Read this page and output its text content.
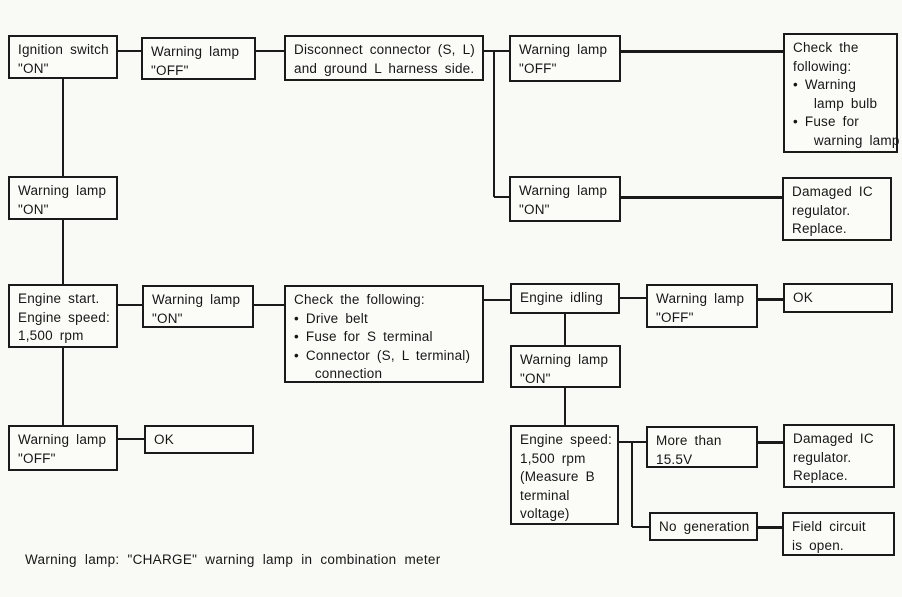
Warning lamp: "CHARGE" warning lamp in combination meter
Ignition switch
"ON"
Warning lamp
"OFF"
Disconnect connector (S, L)
and ground L harness side.
Warning lamp
"OFF"
Check the
following:
• Warning
lamp bulb
• Fuse for
warning lamp
Warning lamp
"ON"
Damaged IC
regulator.
Replace.
Warning lamp
"ON"
Engine start.
Engine speed:
1,500 rpm
Warning lamp
"ON"
Check the following:
• Drive belt
• Fuse for S terminal
• Connector (S, L terminal)
connection
Engine idling	Warning lamp
"OFF"
OK
Warning lamp
"ON"
Engine speed:
1,500 rpm
(Measure B
terminal
voltage)
More than
15.5V
Damaged IC
regulator.
Replace.
No generation	Field circuit
is open.
Warning lamp
"OFF"
OK
